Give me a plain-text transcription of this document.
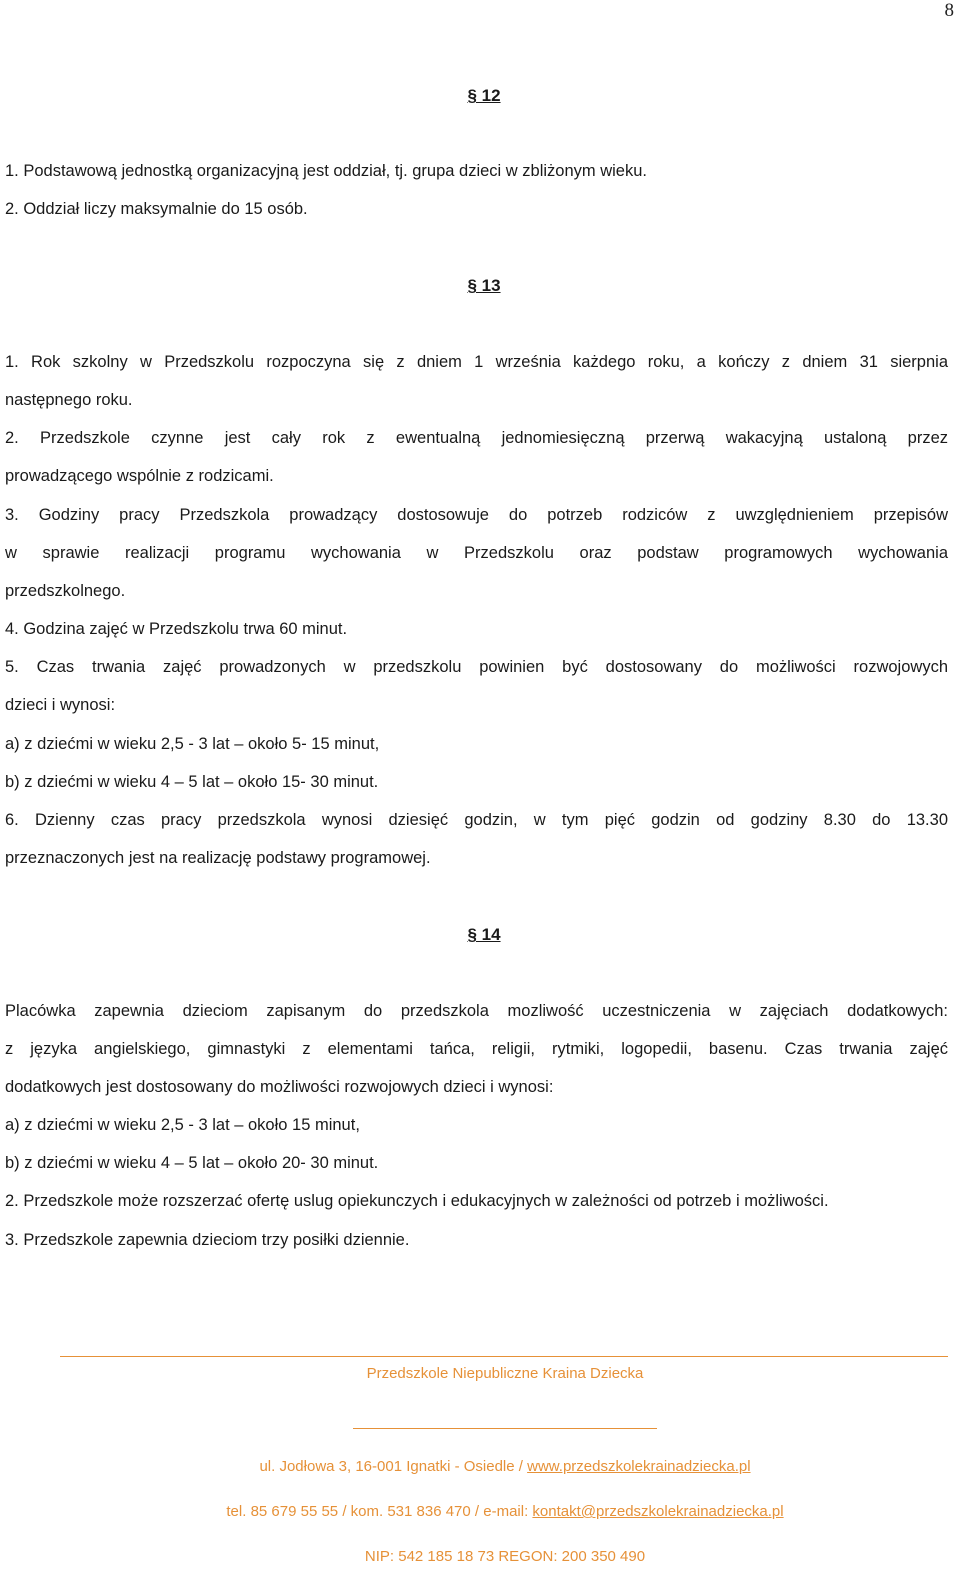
8
§ 12
1. Podstawową jednostką organizacyjną jest oddział, tj. grupa dzieci w zbliżonym wieku.
2. Oddział liczy maksymalnie do 15 osób.
§ 13
1. Rok szkolny w Przedszkolu rozpoczyna się z dniem 1 września każdego roku, a kończy z dniem 31 sierpnia
następnego roku.
2. Przedszkole czynne jest cały rok z ewentualną jednomiesięczną przerwą wakacyjną ustaloną przez
prowadzącego wspólnie z rodzicami.
3. Godziny pracy Przedszkola prowadzący dostosowuje do potrzeb rodziców z uwzględnieniem przepisów
w sprawie realizacji programu wychowania w Przedszkolu oraz podstaw programowych wychowania
przedszkolnego.
4. Godzina zajęć w Przedszkolu trwa 60 minut.
5. Czas trwania zajęć prowadzonych w przedszkolu powinien być dostosowany do możliwości rozwojowych
dzieci i wynosi:
a) z dziećmi w wieku 2,5 - 3 lat – około 5- 15 minut,
b) z dziećmi w wieku 4 – 5 lat – około 15- 30 minut.
6. Dzienny czas pracy przedszkola wynosi dziesięć godzin, w tym pięć godzin od godziny 8.30 do 13.30
przeznaczonych jest na realizację podstawy programowej.
§ 14
Placówka zapewnia dzieciom zapisanym do przedszkola mozliwość uczestniczenia w zajęciach dodatkowych:
z języka angielskiego, gimnastyki z elementami tańca, religii, rytmiki, logopedii, basenu. Czas trwania zajęć
dodatkowych jest dostosowany do możliwości rozwojowych dzieci i wynosi:
a) z dziećmi w wieku 2,5 - 3 lat – około 15 minut,
b) z dziećmi w wieku 4 – 5 lat – około 20- 30 minut.
2. Przedszkole może rozszerzać ofertę uslug opiekunczych i edukacyjnych w zależności od potrzeb i możliwości.
3. Przedszkole zapewnia dzieciom trzy posiłki dziennie.
Przedszkole Niepubliczne Kraina Dziecka
ul. Jodłowa 3, 16-001 Ignatki - Osiedle / www.przedszkolekrainadziecka.pl
tel. 85 679 55 55 / kom. 531 836 470 / e-mail: kontakt@przedszkolekrainadziecka.pl
NIP: 542 185 18 73 REGON: 200 350 490
